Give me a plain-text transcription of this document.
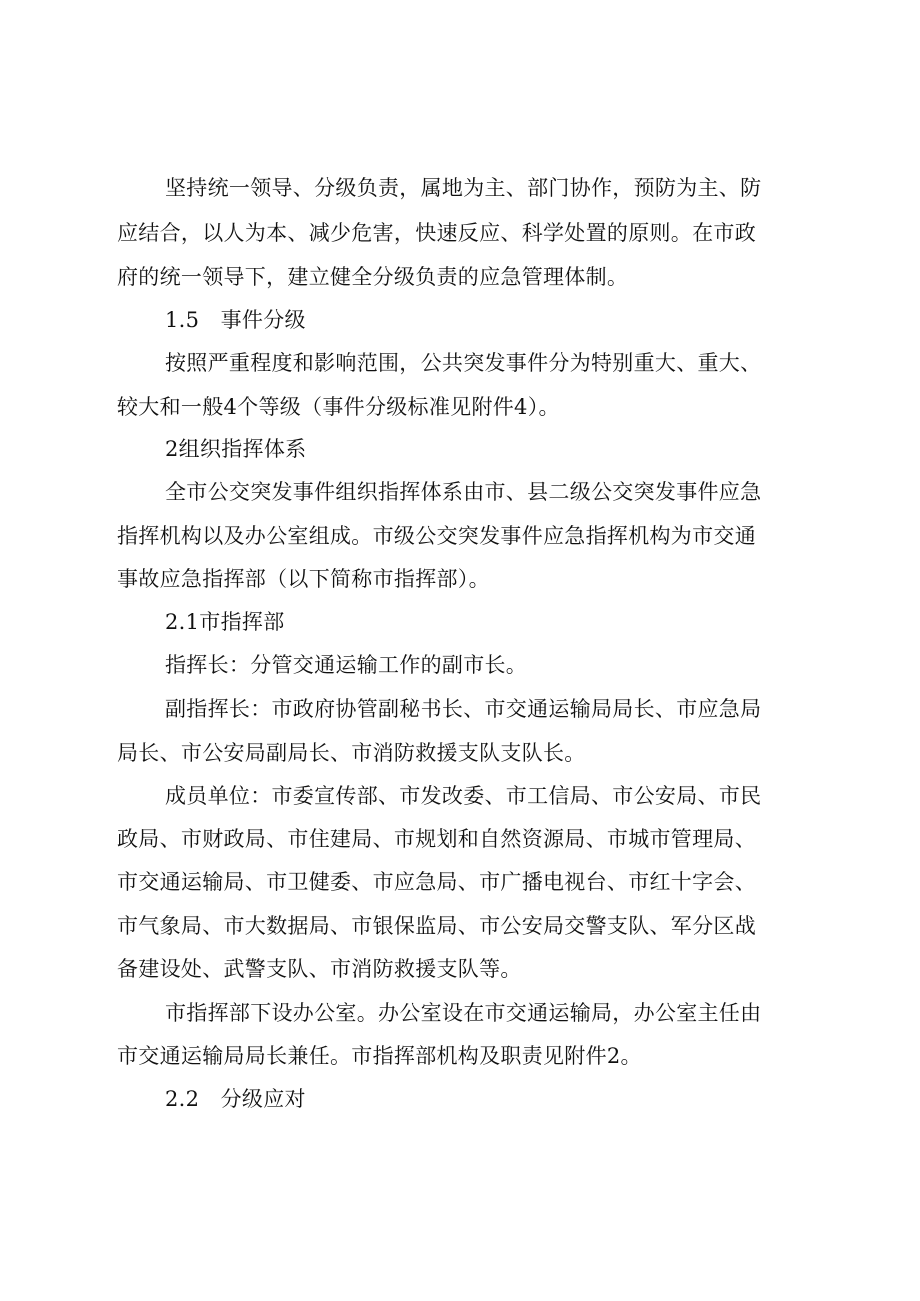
坚持统一领导、分级负责，属地为主、部门协作，预防为主、防
应结合，以人为本、减少危害，快速反应、科学处置的原则。在市政
府的统一领导下，建立健全分级负责的应急管理体制。
1.5　事件分级
按照严重程度和影响范围，公共突发事件分为特别重大、重大、
较大和一般4个等级（事件分级标准见附件4）。
2组织指挥体系
全市公交突发事件组织指挥体系由市、县二级公交突发事件应急
指挥机构以及办公室组成。市级公交突发事件应急指挥机构为市交通
事故应急指挥部（以下简称市指挥部）。
2.1市指挥部
指挥长：分管交通运输工作的副市长。
副指挥长：市政府协管副秘书长、市交通运输局局长、市应急局
局长、市公安局副局长、市消防救援支队支队长。
成员单位：市委宣传部、市发改委、市工信局、市公安局、市民
政局、市财政局、市住建局、市规划和自然资源局、市城市管理局、
市交通运输局、市卫健委、市应急局、市广播电视台、市红十字会、
市气象局、市大数据局、市银保监局、市公安局交警支队、军分区战
备建设处、武警支队、市消防救援支队等。
市指挥部下设办公室。办公室设在市交通运输局，办公室主任由
市交通运输局局长兼任。市指挥部机构及职责见附件2。
2.2　分级应对
